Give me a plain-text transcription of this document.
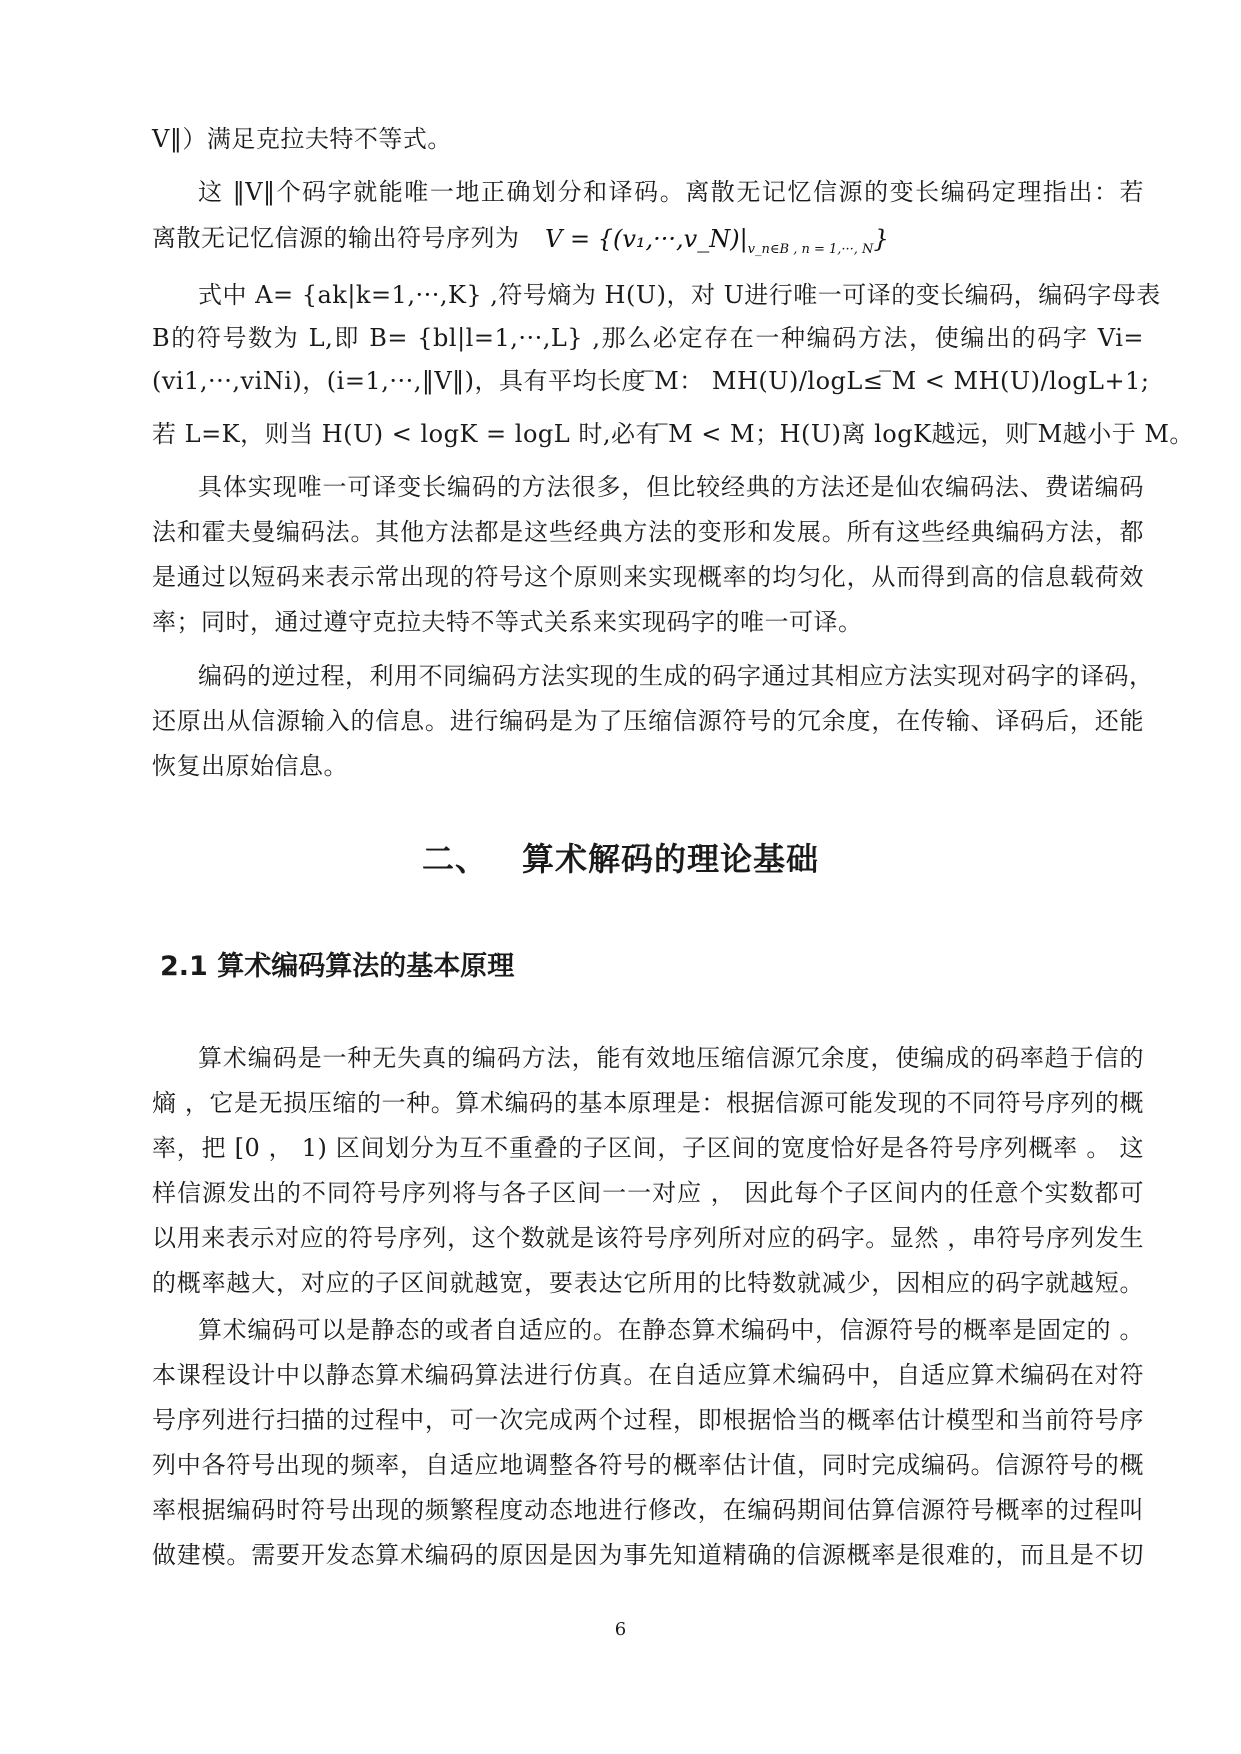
V‖）满足克拉夫特不等式。
这 ‖V‖个码字就能唯一地正确划分和译码。离散无记忆信源的变长编码定理指出：若
离散无记忆信源的输出符号序列为 $V = \{(v_1,\cdot\cdot\cdot,v\_N)|_{v\_n\in B , n = 1,\cdot\cdot\cdot, N}\}$
式中 A= {ak|k=1,···,K} ,符号熵为 H(U)，对 U进行唯一可译的变长编码，编码字母表
B的符号数为 L,即 B= {bl|l=1,···,L} ,那么必定存在一种编码方法，使编出的码字 Vi=
(vi1,···,viNi)，(i=1,···,‖V‖)，具有平均长度 ̅M： MH(U)/logL≤ ̅M < MH(U)/logL+1;
若 L=K，则当 H(U) < logK = logL 时,必有 ̅M < M；H(U)离 logK越远，则 ̅M越小于 M。
具体实现唯一可译变长编码的方法很多，但比较经典的方法还是仙农编码法、费诺编码
法和霍夫曼编码法。其他方法都是这些经典方法的变形和发展。所有这些经典编码方法，都
是通过以短码来表示常出现的符号这个原则来实现概率的均匀化，从而得到高的信息载荷效
率；同时，通过遵守克拉夫特不等式关系来实现码字的唯一可译。
编码的逆过程，利用不同编码方法实现的生成的码字通过其相应方法实现对码字的译码，
还原出从信源输入的信息。进行编码是为了压缩信源符号的冗余度，在传输、译码后，还能
恢复出原始信息。
二、 算术解码的理论基础
2.1 算术编码算法的基本原理
算术编码是一种无失真的编码方法，能有效地压缩信源冗余度，使编成的码率趋于信的
熵 ，它是无损压缩的一种。算术编码的基本原理是：根据信源可能发现的不同符号序列的概
率，把 [0 ， 1) 区间划分为互不重叠的子区间，子区间的宽度恰好是各符号序列概率 。 这
样信源发出的不同符号序列将与各子区间一一对应 ， 因此每个子区间内的任意个实数都可
以用来表示对应的符号序列，这个数就是该符号序列所对应的码字。显然 ，串符号序列发生
的概率越大，对应的子区间就越宽，要表达它所用的比特数就减少，因相应的码字就越短。
算术编码可以是静态的或者自适应的。在静态算术编码中，信源符号的概率是固定的 。
本课程设计中以静态算术编码算法进行仿真。在自适应算术编码中，自适应算术编码在对符
号序列进行扫描的过程中，可一次完成两个过程，即根据恰当的概率估计模型和当前符号序
列中各符号出现的频率，自适应地调整各符号的概率估计值，同时完成编码。信源符号的概
率根据编码时符号出现的频繁程度动态地进行修改，在编码期间估算信源符号概率的过程叫
做建模。需要开发态算术编码的原因是因为事先知道精确的信源概率是很难的，而且是不切
6
